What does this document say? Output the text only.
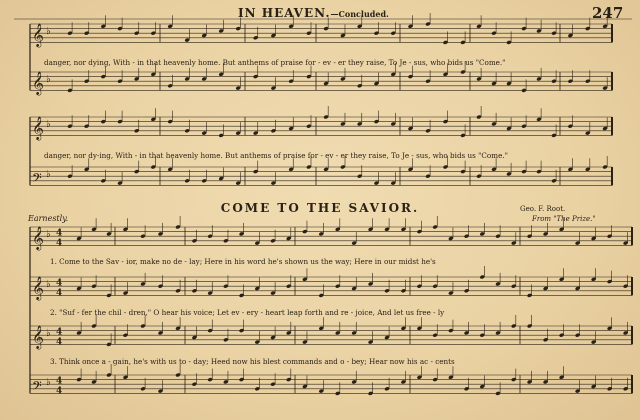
IN HEAVEN.—Concluded.	247
𝄞 ♭
𝄞 ♭
𝄞 ♭
𝄢 ♭
𝄞 ♭ 4
4
𝄞 ♭ 4
4
𝄞 ♭ 4
4
𝄢 ♭ 4
4
danger, nor dying, With - in that heavenly home. But anthems of praise for - ev - er they raise, To Je - sus, who bids us "Come."
danger, nor dy-ing, With - in that heavenly home. But anthems of praise for - ev - er they raise, To Je - sus, who bids us "Come."
COME TO THE SAVIOR.
Earnestly.
Geo. F. Root.
From "The Prize."
1. Come to the Sav - ior, make no de - lay; Here in his word he's shown us the way; Here in our midst he's
2. "Suf - fer the chil - dren," O hear his voice; Let ev - ery - heart leap forth and re - joice, And let us free - ly
3. Think once a - gain, he's with us to - day; Heed now his blest commands and o - bey; Hear now his ac - cents
